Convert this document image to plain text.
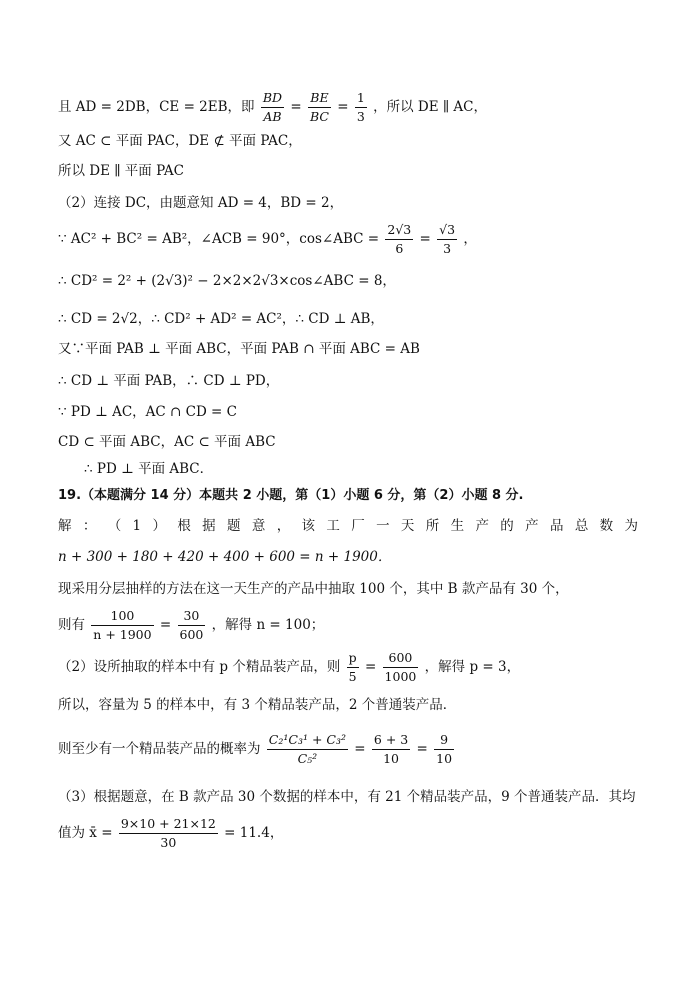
且 AD = 2DB，CE = 2EB，即 $\frac{BD}{AB} = \frac{BE}{BC} = \frac{1}{3}$ ，所以 DE ∥ AC，
又 AC ⊂ 平面 PAC，DE ⊄ 平面 PAC，
所以 DE ∥ 平面 PAC
（2）连接 DC，由题意知 AD = 4，BD = 2，
∵ AC² + BC² = AB²，∠ACB = 90°，cos∠ABC = $\frac{2√3}{6} = \frac{√3}{3}$ ，
∴ CD² = 2² + (2√3)² − 2×2×2√3×cos∠ABC = 8，
∴ CD = 2√2，∴ CD² + AD² = AC²，∴ CD ⊥ AB，
又∵平面 PAB ⊥ 平面 ABC，平面 PAB ∩ 平面 ABC = AB
∴ CD ⊥ 平面 PAB，∴ CD ⊥ PD，
∵ PD ⊥ AC，AC ∩ CD = C
CD ⊂ 平面 ABC，AC ⊂ 平面 ABC
∴ PD ⊥ 平面 ABC．
19.（本题满分 14 分）本题共 2 小题，第（1）小题 6 分，第（2）小题 8 分.
解 ： （ 1 ） 根 据 题 意 ， 该 工 厂 一 天 所 生 产 的 产 品 总 数 为
n + 300 + 180 + 420 + 400 + 600 = n + 1900．
现采用分层抽样的方法在这一天生产的产品中抽取 100 个，其中 B 款产品有 30 个，
则有 $\frac{100}{n + 1900} = \frac{30}{600}$ ，解得 n = 100；
（2）设所抽取的样本中有 p 个精品装产品，则 $\frac{p}{5} = \frac{600}{1000}$ ，解得 p = 3，
所以，容量为 5 的样本中，有 3 个精品装产品，2 个普通装产品．
则至少有一个精品装产品的概率为 $\frac{\text{C₂¹C₃¹ + C₃²}}{\text{C₅²}} = \frac{6 + 3}{10} = \frac{9}{10}$
（3）根据题意，在 B 款产品 30 个数据的样本中，有 21 个精品装产品，9 个普通装产品．其均
值为 x̄ = $\frac{9\times 10 + 21\times 12}{30} = 11.4$，
